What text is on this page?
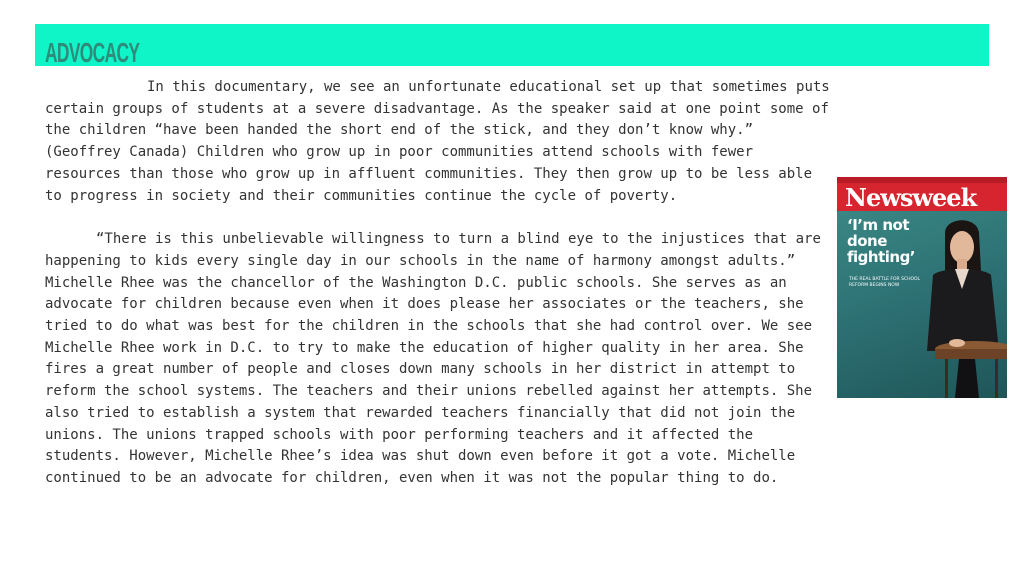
ADVOCACY

In this documentary, we see an unfortunate educational set up that sometimes puts certain groups of students at a severe disadvantage. As the speaker said at one point some of the children “have been handed the short end of the stick, and they don’t know why.” (Geoffrey Canada) Children who grow up in poor communities attend schools with fewer resources than those who grow up in affluent communities. They then grow up to be less able to progress in society and their communities continue the cycle of poverty.

“There is this unbelievable willingness to turn a blind eye to the injustices that are happening to kids every single day in our schools in the name of harmony amongst adults.” Michelle Rhee was the chancellor of the Washington D.C. public schools. She serves as an advocate for children because even when it does please her associates or the teachers, she tried to do what was best for the children in the schools that she had control over. We see Michelle Rhee work in D.C. to try to make the education of higher quality in her area. She fires a great number of people and closes down many schools in her district in attempt to reform the school systems. The teachers and their unions rebelled against her attempts. She also tried to establish a system that rewarded teachers financially that did not join the unions. The unions trapped schools with poor performing teachers and it affected the students. However, Michelle Rhee’s idea was shut down even before it got a vote. Michelle continued to be an advocate for children, even when it was not the popular thing to do.

Newsweek
‘I’m not done fighting’
THE REAL BATTLE FOR SCHOOL REFORM BEGINS NOW
